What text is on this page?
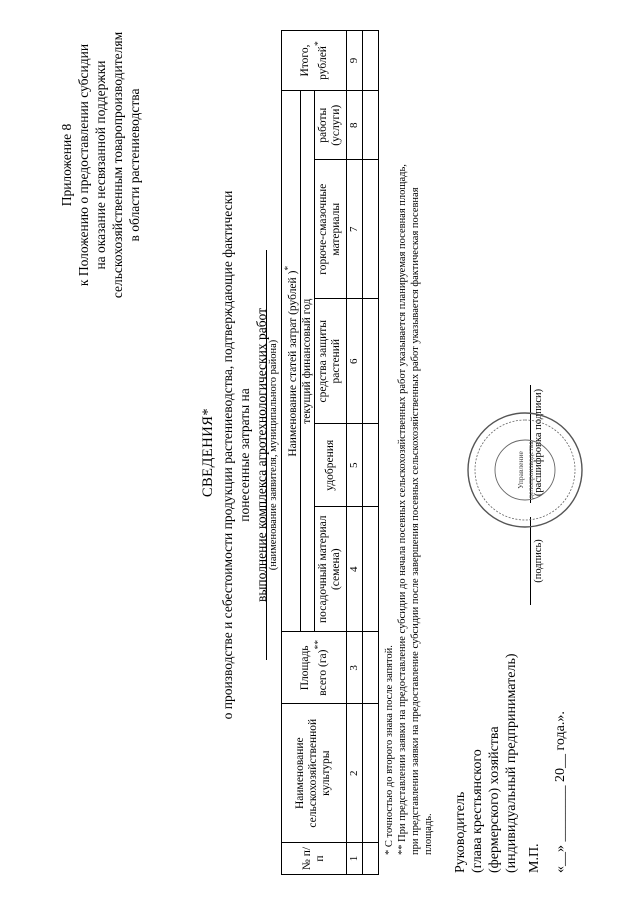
Приложение 8 к Положению о предоставлении субсидии на оказание несвязанной поддержки сельскохозяйственным товаропроизводителям в области растениеводства
СВЕДЕНИЯ* о производстве и себестоимости продукции растениеводства, подтверждающие фактически понесенные затраты на выполнение комплекса агротехнологических работ (наименование заявителя, муниципального района)
№ п/п	Наименование сельскохозяйственной культуры	Площадь всего (га)**	Наименование статей затрат (рублей )*					Итого, рублей*
			текущий финансовый год					
			посадочный материал (семена)	удобрения	средства защиты растений	горюче-смазочные материалы	работы (услуги)	
1	2	3	4	5	6	7	8	9

* С точностью до второго знака после запятой. ** При представлении заявки на предоставление субсидии до начала посевных сельскохозяйственных работ указывается планируемая посевная площадь, при представлении заявки на предоставление субсидии после завершения посевных сельскохозяйственных работ указывается фактическая посевная площадь. Руководитель (глава крестьянского (фермерского) хозяйства (индивидуальный предприниматель)
(подпись)
(расшифровка подписи)
М.П. «__» ________ 20__ года.».
Управление делопроизводства
